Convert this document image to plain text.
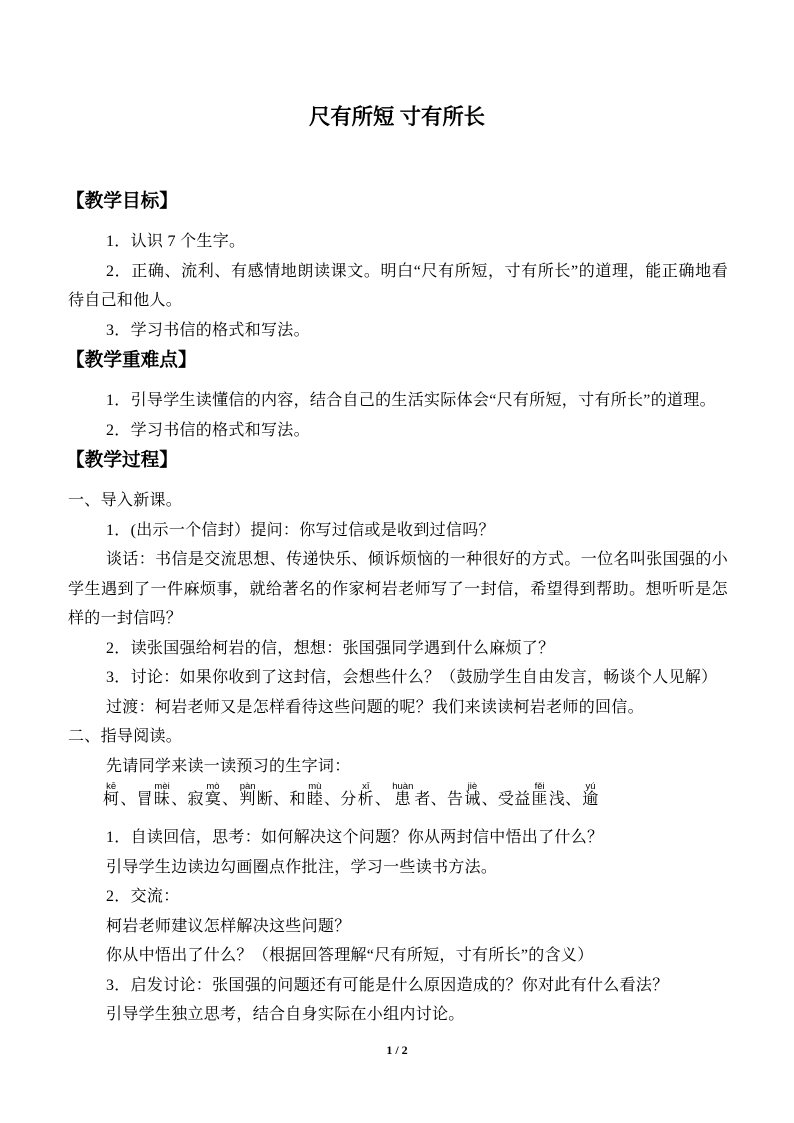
尺有所短 寸有所长
【教学目标】

1．认识 7 个生字。

2．正确、流利、有感情地朗读课文。明白“尺有所短，寸有所长”的道理，能正确地看待自己和他人。

3．学习书信的格式和写法。

【教学重难点】

1．引导学生读懂信的内容，结合自己的生活实际体会“尺有所短，寸有所长”的道理。

2．学习书信的格式和写法。

【教学过程】

一、导入新课。

1．(出示一个信封）提问：你写过信或是收到过信吗？

谈话：书信是交流思想、传递快乐、倾诉烦恼的一种很好的方式。一位名叫张国强的小学生遇到了一件麻烦事，就给著名的作家柯岩老师写了一封信，希望得到帮助。想听听是怎样的一封信吗？

2．读张国强给柯岩的信，想想：张国强同学遇到什么麻烦了？

3．讨论：如果你收到了这封信，会想些什么？（鼓励学生自由发言，畅谈个人见解）

过渡：柯岩老师又是怎样看待这些问题的呢？我们来读读柯岩老师的回信。

二、指导阅读。

先请同学来读一读预习的生字词：

kē
柯 、冒
mèi
昧 、寂
mò
寞 、
pàn
判 断、和
mù
睦 、分
xī
析 、
huàn
患 者、告
jiè
诫 、受益
fěi
匪 浅、
yú
逾

1．自读回信，思考：如何解决这个问题？你从两封信中悟出了什么？

引导学生边读边勾画圈点作批注，学习一些读书方法。

2．交流：

柯岩老师建议怎样解决这些问题？

你从中悟出了什么？（根据回答理解“尺有所短，寸有所长”的含义）

3．启发讨论：张国强的问题还有可能是什么原因造成的？你对此有什么看法？

引导学生独立思考，结合自身实际在小组内讨论。

1 / 2
